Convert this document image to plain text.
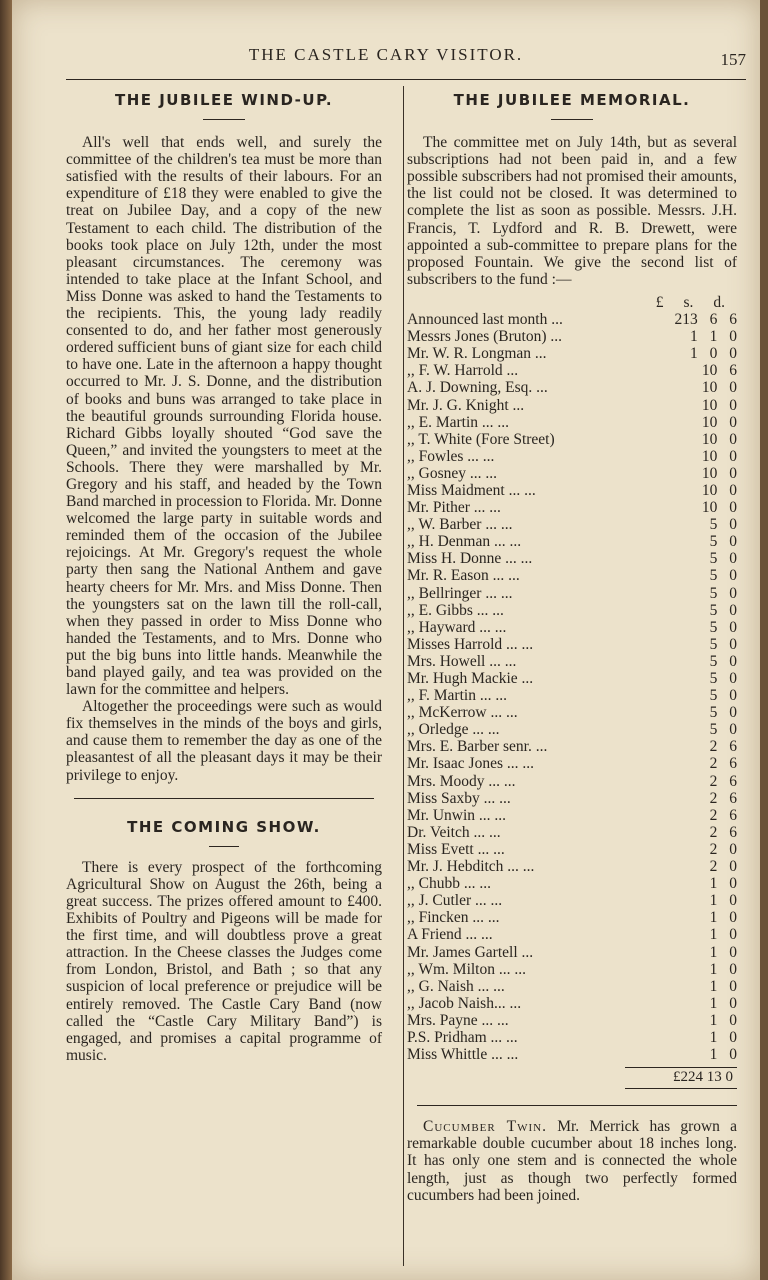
THE CASTLE CARY VISITOR.	157
THE JUBILEE WIND-UP.

All's well that ends well, and surely the committee of the children's tea must be more than satisfied with the results of their labours. For an expenditure of £18 they were enabled to give the treat on Jubilee Day, and a copy of the new Testament to each child. The distribution of the books took place on July 12th, under the most pleasant circumstances. The ceremony was intended to take place at the Infant School, and Miss Donne was asked to hand the Testaments to the recipients. This, the young lady readily consented to do, and her father most generously ordered sufficient buns of giant size for each child to have one. Late in the afternoon a happy thought occurred to Mr. J. S. Donne, and the distribution of books and buns was arranged to take place in the beautiful grounds surrounding Florida house. Richard Gibbs loyally shouted “God save the Queen,” and invited the youngsters to meet at the Schools. There they were marshalled by Mr. Gregory and his staff, and headed by the Town Band marched in procession to Florida. Mr. Donne welcomed the large party in suitable words and reminded them of the occasion of the Jubilee rejoicings. At Mr. Gregory's request the whole party then sang the National Anthem and gave hearty cheers for Mr. Mrs. and Miss Donne. Then the youngsters sat on the lawn till the roll-call, when they passed in order to Miss Donne who handed the Testaments, and to Mrs. Donne who put the big buns into little hands. Meanwhile the band played gaily, and tea was provided on the lawn for the committee and helpers.

Altogether the proceedings were such as would fix themselves in the minds of the boys and girls, and cause them to remember the day as one of the pleasantest of all the pleasant days it may be their privilege to enjoy.

THE COMING SHOW.

There is every prospect of the forthcoming Agricultural Show on August the 26th, being a great success. The prizes offered amount to £400. Exhibits of Poultry and Pigeons will be made for the first time, and will doubtless prove a great attraction. In the Cheese classes the Judges come from London, Bristol, and Bath ; so that any suspicion of local preference or prejudice will be entirely removed. The Castle Cary Band (now called the “Castle Cary Military Band”) is engaged, and promises a capital programme of music.

THE JUBILEE MEMORIAL.

The committee met on July 14th, but as several subscriptions had not been paid in, and a few possible subscribers had not promised their amounts, the list could not be closed. It was determined to complete the list as soon as possible. Messrs. J.H. Francis, T. Lydford and R. B. Drewett, were appointed a sub-committee to prepare plans for the proposed Fountain. We give the second list of subscribers to the fund :—

£ s. d.
Announced last month ...	213 6 6
Messrs Jones (Bruton) ...	1 1 0
Mr. W. R. Longman ...	1 0 0
,, F. W. Harrold ...	10 6
A. J. Downing, Esq. ...	10 0
Mr. J. G. Knight ...	10 0
,, E. Martin ... ...	10 0
,, T. White (Fore Street)	10 0
,, Fowles ... ...	10 0
,, Gosney ... ...	10 0
Miss Maidment ... ...	10 0
Mr. Pither ... ...	10 0
,, W. Barber ... ...	5 0
,, H. Denman ... ...	5 0
Miss H. Donne ... ...	5 0
Mr. R. Eason ... ...	5 0
,, Bellringer ... ...	5 0
,, E. Gibbs ... ...	5 0
,, Hayward ... ...	5 0
Misses Harrold ... ...	5 0
Mrs. Howell ... ...	5 0
Mr. Hugh Mackie ...	5 0
,, F. Martin ... ...	5 0
,, McKerrow ... ...	5 0
,, Orledge ... ...	5 0
Mrs. E. Barber senr. ...	2 6
Mr. Isaac Jones ... ...	2 6
Mrs. Moody ... ...	2 6
Miss Saxby ... ...	2 6
Mr. Unwin ... ...	2 6
Dr. Veitch ... ...	2 6
Miss Evett ... ...	2 0
Mr. J. Hebditch ... ...	2 0
,, Chubb ... ...	1 0
,, J. Cutler ... ...	1 0
,, Fincken ... ...	1 0
A Friend ... ...	1 0
Mr. James Gartell ...	1 0
,, Wm. Milton ... ...	1 0
,, G. Naish ... ...	1 0
,, Jacob Naish... ...	1 0
Mrs. Payne ... ...	1 0
P.S. Pridham ... ...	1 0
Miss Whittle ... ...	1 0
£224 13 0

Cucumber Twin. Mr. Merrick has grown a remarkable double cucumber about 18 inches long. It has only one stem and is connected the whole length, just as though two perfectly formed cucumbers had been joined.
